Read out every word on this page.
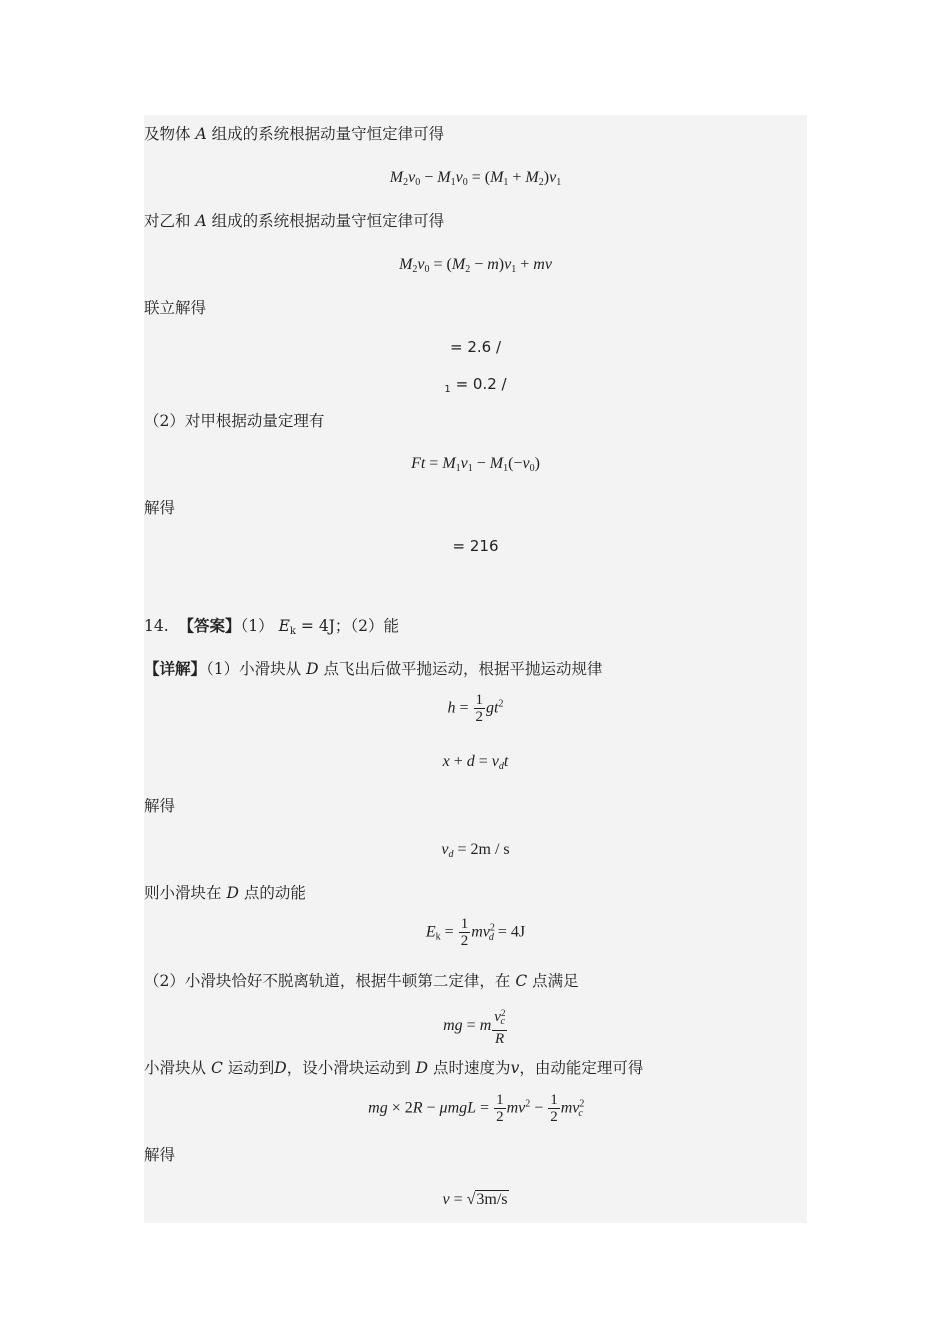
及物体 A 组成的系统根据动量守恒定律可得
$M_2v_0 - M_1v_0 = (M_1 + M_2)v_1$
对乙和 A 组成的系统根据动量守恒定律可得
$M_2v_0 = (M_2 - m)v_1$ + mv
联立解得
= 2.6 /
$_1$ = 0.2 /
（2）对甲根据动量定理有
$Ft = M_1v_1 - M_1(-v_0)$
解得
= 216
14. 【答案】（1） $E_k = 4J$；（2）能
【详解】（1）小滑块从 D 点飞出后做平抛运动，根据平抛运动规律
$h = \frac{1}{2} gt^2$
$x + d = v_dt$
解得
$v_d = 2m / s$
则小滑块在 D 点的动能
$E_k = \frac{1}{2} mv^2_d = 4J$
（2）小滑块恰好不脱离轨道，根据牛顿第二定律，在 C 点满足
mg = m $\frac{v^2_c}{R}$
小滑块从 C 运动到D，设小滑块运动到 D 点时速度为v，由动能定理可得
mg × $2R - \mu mgL = \frac{1}{2} mv^2 - \frac{1}{2} mv^2_c$
解得
v = √3m/s
